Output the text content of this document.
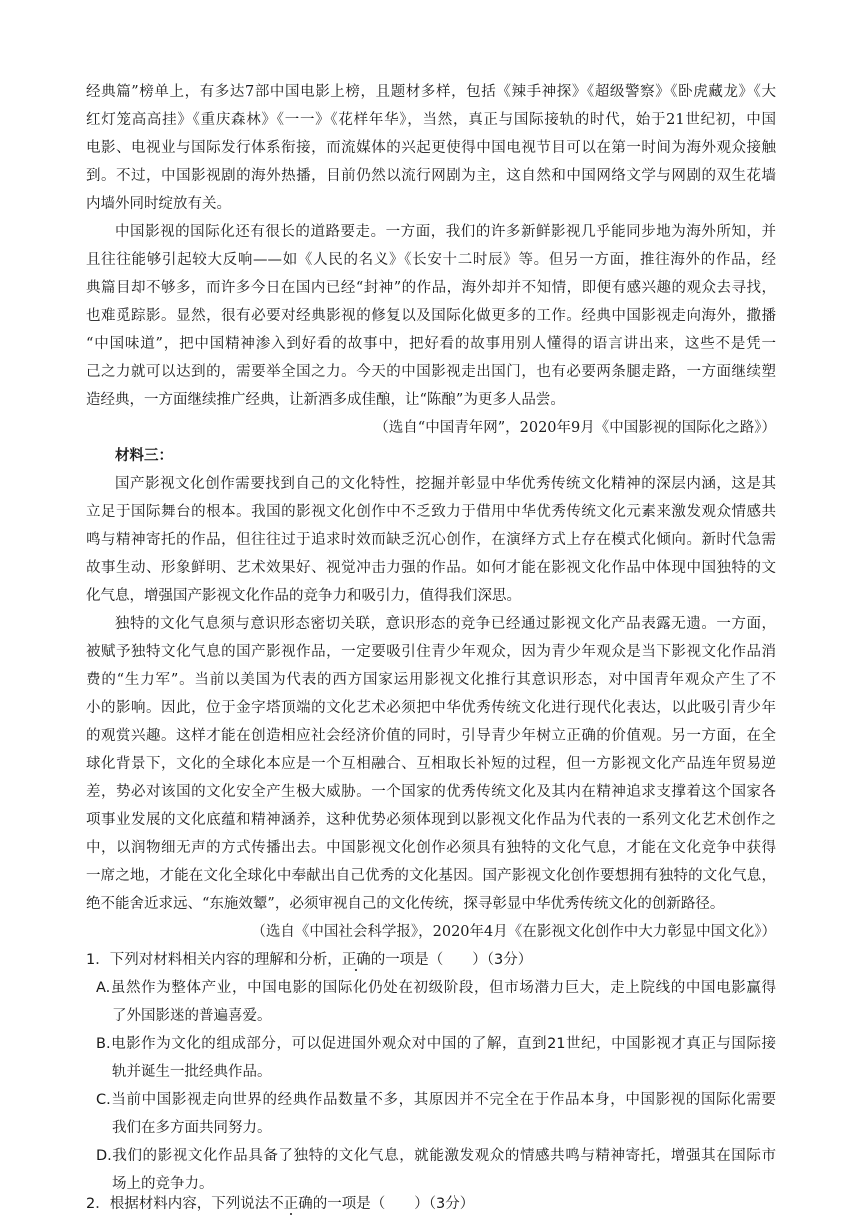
经典篇”榜单上，有多达7部中国电影上榜，且题材多样，包括《辣手神探》《超级警察》《卧虎藏龙》《大
红灯笼高高挂》《重庆森林》《一一》《花样年华》，当然，真正与国际接轨的时代，始于21世纪初，中国
电影、电视业与国际发行体系衔接，而流媒体的兴起更使得中国电视节目可以在第一时间为海外观众接触
到。不过，中国影视剧的海外热播，目前仍然以流行网剧为主，这自然和中国网络文学与网剧的双生花墙
内墙外同时绽放有关。
中国影视的国际化还有很长的道路要走。一方面，我们的许多新鲜影视几乎能同步地为海外所知，并
且往往能够引起较大反响——如《人民的名义》《长安十二时辰》等。但另一方面，推往海外的作品，经
典篇目却不够多，而许多今日在国内已经“封神”的作品，海外却并不知情，即便有感兴趣的观众去寻找，
也难觅踪影。显然，很有必要对经典影视的修复以及国际化做更多的工作。经典中国影视走向海外，撒播
“中国味道”，把中国精神渗入到好看的故事中，把好看的故事用别人懂得的语言讲出来，这些不是凭一
己之力就可以达到的，需要举全国之力。今天的中国影视走出国门，也有必要两条腿走路，一方面继续塑
造经典，一方面继续推广经典，让新酒多成佳酿，让“陈酿”为更多人品尝。
（选自“中国青年网”，2020年9月《中国影视的国际化之路》）
材料三：
国产影视文化创作需要找到自己的文化特性，挖掘并彰显中华优秀传统文化精神的深层内涵，这是其
立足于国际舞台的根本。我国的影视文化创作中不乏致力于借用中华优秀传统文化元素来激发观众情感共
鸣与精神寄托的作品，但往往过于追求时效而缺乏沉心创作，在演绎方式上存在模式化倾向。新时代急需
故事生动、形象鲜明、艺术效果好、视觉冲击力强的作品。如何才能在影视文化作品中体现中国独特的文
化气息，增强国产影视文化作品的竞争力和吸引力，值得我们深思。
独特的文化气息须与意识形态密切关联，意识形态的竞争已经通过影视文化产品表露无遗。一方面，
被赋予独特文化气息的国产影视作品，一定要吸引住青少年观众，因为青少年观众是当下影视文化作品消
费的“生力军”。当前以美国为代表的西方国家运用影视文化推行其意识形态，对中国青年观众产生了不
小的影响。因此，位于金字塔顶端的文化艺术必须把中华优秀传统文化进行现代化表达，以此吸引青少年
的观赏兴趣。这样才能在创造相应社会经济价值的同时，引导青少年树立正确的价值观。另一方面，在全
球化背景下，文化的全球化本应是一个互相融合、互相取长补短的过程，但一方影视文化产品连年贸易逆
差，势必对该国的文化安全产生极大威胁。一个国家的优秀传统文化及其内在精神追求支撑着这个国家各
项事业发展的文化底蕴和精神涵养，这种优势必须体现到以影视文化作品为代表的一系列文化艺术创作之
中，以润物细无声的方式传播出去。中国影视文化创作必须具有独特的文化气息，才能在文化竞争中获得
一席之地，才能在文化全球化中奉献出自己优秀的文化基因。国产影视文化创作要想拥有独特的文化气息，
绝不能舍近求远、“东施效颦”，必须审视自己的文化传统，探寻彰显中华优秀传统文化的创新路径。
（选自《中国社会科学报》，2020年4月《在影视文化创作中大力彰显中国文化》）
1．下列对材料相关内容的理解和分析，正确的一项是（　　）（3分）
A.虽然作为整体产业，中国电影的国际化仍处在初级阶段，但市场潜力巨大，走上院线的中国电影赢得
了外国影迷的普遍喜爱。
B.电影作为文化的组成部分，可以促进国外观众对中国的了解，直到21世纪，中国影视才真正与国际接
轨并诞生一批经典作品。
C.当前中国影视走向世界的经典作品数量不多，其原因并不完全在于作品本身，中国影视的国际化需要
我们在多方面共同努力。
D.我们的影视文化作品具备了独特的文化气息，就能激发观众的情感共鸣与精神寄托，增强其在国际市
场上的竞争力。
2．根据材料内容，下列说法不正确的一项是（　　）（3分）
